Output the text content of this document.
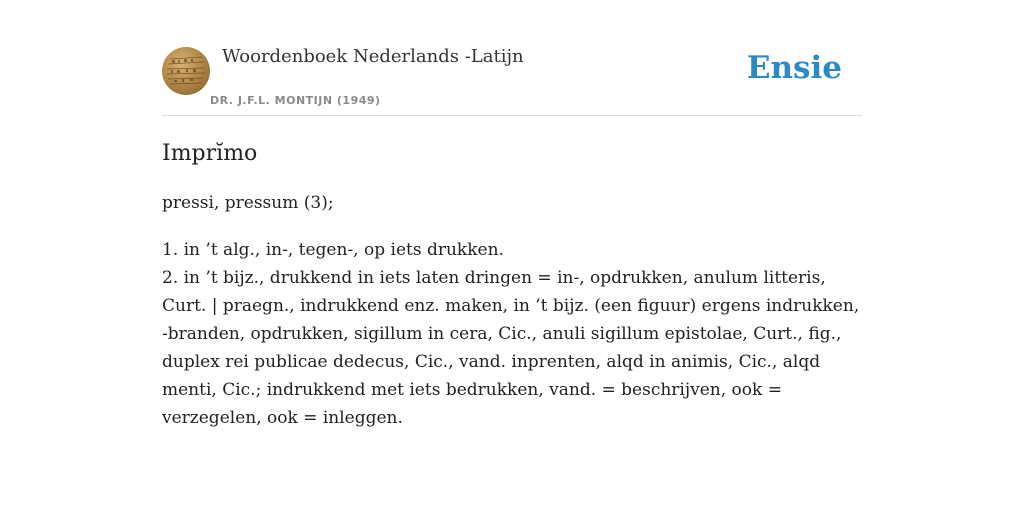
Woordenboek Nederlands -Latijn
DR. J.F.L. MONTIJN (1949)
Ensie
Imprĭmo
pressi, pressum (3);

1. in ’t alg., in-, tegen-, op iets drukken.

2. in ’t bijz., drukkend in iets laten dringen = in-, opdrukken, anulum litteris, Curt. | praegn., indrukkend enz. maken, in ’t bijz. (een figuur) ergens indrukken, -branden, opdrukken, sigillum in cera, Cic., anuli sigillum epistolae, Curt., fig., duplex rei publicae dedecus, Cic., vand. inprenten, alqd in animis, Cic., alqd menti, Cic.; indrukkend met iets bedrukken, vand. = beschrijven, ook = verzegelen, ook = inleggen.
